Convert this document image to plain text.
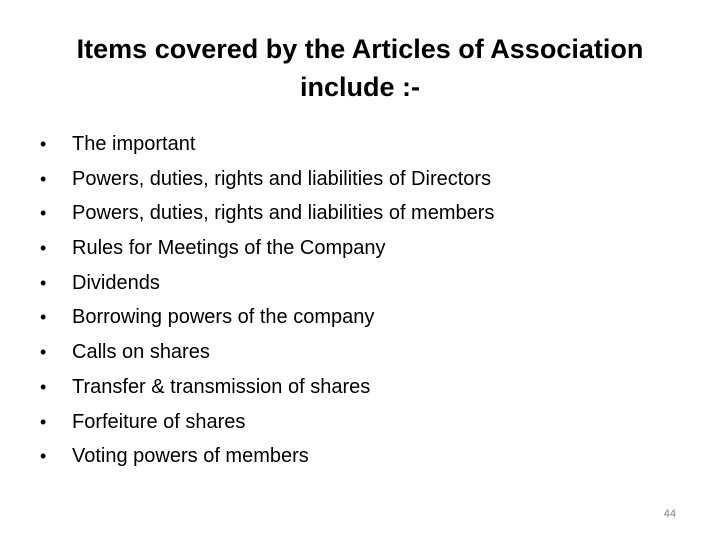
Items covered by the Articles of Association
include :-
•	The important
•	Powers, duties, rights and liabilities of Directors
•	Powers, duties, rights and liabilities of members
•	Rules for Meetings of the Company
•	Dividends
•	Borrowing powers of the company
•	Calls on shares
•	Transfer & transmission of shares
•	Forfeiture of shares
•	Voting powers of members
44
